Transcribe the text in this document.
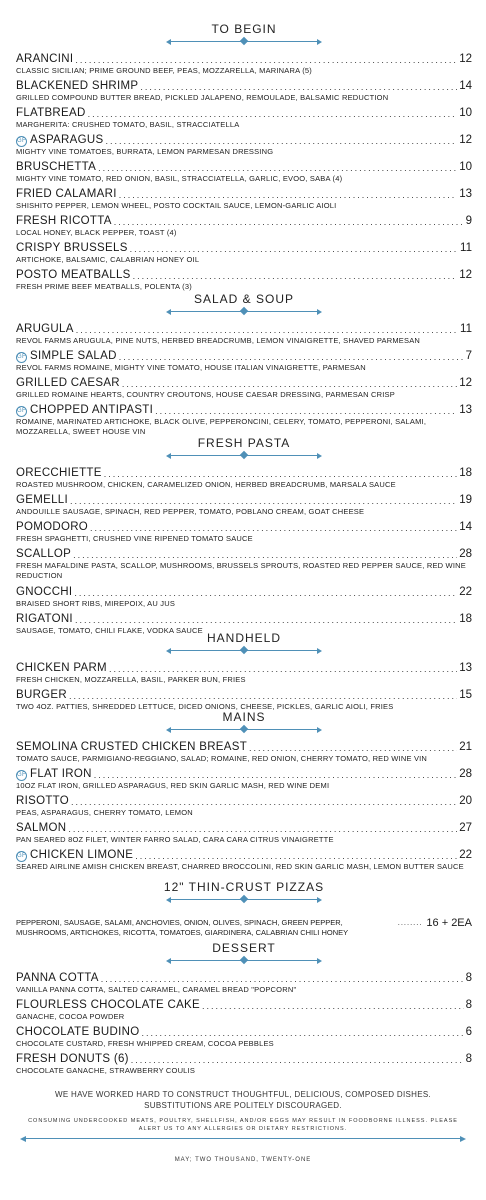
TO BEGIN
ARANCINI .....	12
CLASSIC SICILIAN; PRIME GROUND BEEF, PEAS, MOZZARELLA, MARINARA (5)
BLACKENED SHRIMP .....	14
GRILLED COMPOUND BUTTER BREAD, PICKLED JALAPENO, REMOULADE, BALSAMIC REDUCTION
FLATBREAD .....	10
MARGHERITA: CRUSHED TOMATO, BASIL, STRACCIATELLA
GF ASPARAGUS .....	12
MIGHTY VINE TOMATOES, BURRATA, LEMON PARMESAN DRESSING
BRUSCHETTA .....	10
MIGHTY VINE TOMATO, RED ONION, BASIL, STRACCIATELLA, GARLIC, EVOO, SABA (4)
FRIED CALAMARI .....	13
SHISHITO PEPPER, LEMON WHEEL, POSTO COCKTAIL SAUCE, LEMON-GARLIC AIOLI
FRESH RICOTTA .....	9
LOCAL HONEY, BLACK PEPPER, TOAST (4)
CRISPY BRUSSELS .....	11
ARTICHOKE, BALSAMIC, CALABRIAN HONEY OIL
POSTO MEATBALLS .....	12
FRESH PRIME BEEF MEATBALLS, POLENTA (3)
SALAD & SOUP
ARUGULA .....	11
REVOL FARMS ARUGULA, PINE NUTS, HERBED BREADCRUMB, LEMON VINAIGRETTE, SHAVED PARMESAN
GF SIMPLE SALAD .....	7
REVOL FARMS ROMAINE, MIGHTY VINE TOMATO, HOUSE ITALIAN VINAIGRETTE, PARMESAN
GRILLED CAESAR .....	12
GRILLED ROMAINE HEARTS, COUNTRY CROUTONS, HOUSE CAESAR DRESSING, PARMESAN CRISP
GF CHOPPED ANTIPASTI .....	13
ROMAINE, MARINATED ARTICHOKE, BLACK OLIVE, PEPPERONCINI, CELERY, TOMATO, PEPPERONI, SALAMI, MOZZARELLA, SWEET HOUSE VIN
FRESH PASTA
ORECCHIETTE .....	18
ROASTED MUSHROOM, CHICKEN, CARAMELIZED ONION, HERBED BREADCRUMB, MARSALA SAUCE
GEMELLI .....	19
ANDOUILLE SAUSAGE, SPINACH, RED PEPPER, TOMATO, POBLANO CREAM, GOAT CHEESE
POMODORO .....	14
FRESH SPAGHETTI, CRUSHED VINE RIPENED TOMATO SAUCE
SCALLOP .....	28
FRESH MAFALDINE PASTA, SCALLOP, MUSHROOMS, BRUSSELS SPROUTS, ROASTED RED PEPPER SAUCE, RED WINE REDUCTION
GNOCCHI .....	22
BRAISED SHORT RIBS, MIREPOIX, AU JUS
RIGATONI .....	18
SAUSAGE, TOMATO, CHILI FLAKE, VODKA SAUCE
HANDHELD
CHICKEN PARM .....	13
FRESH CHICKEN, MOZZARELLA, BASIL, PARKER BUN, FRIES
BURGER .....	15
TWO 4OZ. PATTIES, SHREDDED LETTUCE, DICED ONIONS, CHEESE, PICKLES, GARLIC AIOLI, FRIES
MAINS
SEMOLINA CRUSTED CHICKEN BREAST .....	21
TOMATO SAUCE, PARMIGIANO-REGGIANO, SALAD; ROMAINE, RED ONION, CHERRY TOMATO, RED WINE VIN
GF FLAT IRON .....	28
10OZ FLAT IRON, GRILLED ASPARAGUS, RED SKIN GARLIC MASH, RED WINE DEMI
RISOTTO .....	20
PEAS, ASPARAGUS, CHERRY TOMATO, LEMON
SALMON .....	27
PAN SEARED 8OZ FILET, WINTER FARRO SALAD, CARA CARA CITRUS VINAIGRETTE
GF CHICKEN LIMONE .....	22
SEARED AIRLINE AMISH CHICKEN BREAST, CHARRED BROCCOLINI, RED SKIN GARLIC MASH, LEMON BUTTER SAUCE
12" THIN-CRUST PIZZAS
PEPPERONI, SAUSAGE, SALAMI, ANCHOVIES, ONION, OLIVES, SPINACH, GREEN PEPPER,	........ 16 + 2EA
MUSHROOMS, ARTICHOKES, RICOTTA, TOMATOES, GIARDINERA, CALABRIAN CHILI HONEY
DESSERT
PANNA COTTA .....	8
VANILLA PANNA COTTA, SALTED CARAMEL, CARAMEL BREAD "POPCORN"
FLOURLESS CHOCOLATE CAKE .....	8
GANACHE, COCOA POWDER
CHOCOLATE BUDINO .....	6
CHOCOLATE CUSTARD, FRESH WHIPPED CREAM, COCOA PEBBLES
FRESH DONUTS (6) .....	8
CHOCOLATE GANACHE, STRAWBERRY COULIS
WE HAVE WORKED HARD TO CONSTRUCT THOUGHTFUL, DELICIOUS, COMPOSED DISHES. SUBSTITUTIONS ARE POLITELY DISCOURAGED.
CONSUMING UNDERCOOKED MEATS, POULTRY, SHELLFISH, AND/OR EGGS MAY RESULT IN FOODBORNE ILLNESS. PLEASE ALERT US TO ANY ALLERGIES OR DIETARY RESTRICTIONS.
MAY; TWO THOUSAND, TWENTY-ONE
